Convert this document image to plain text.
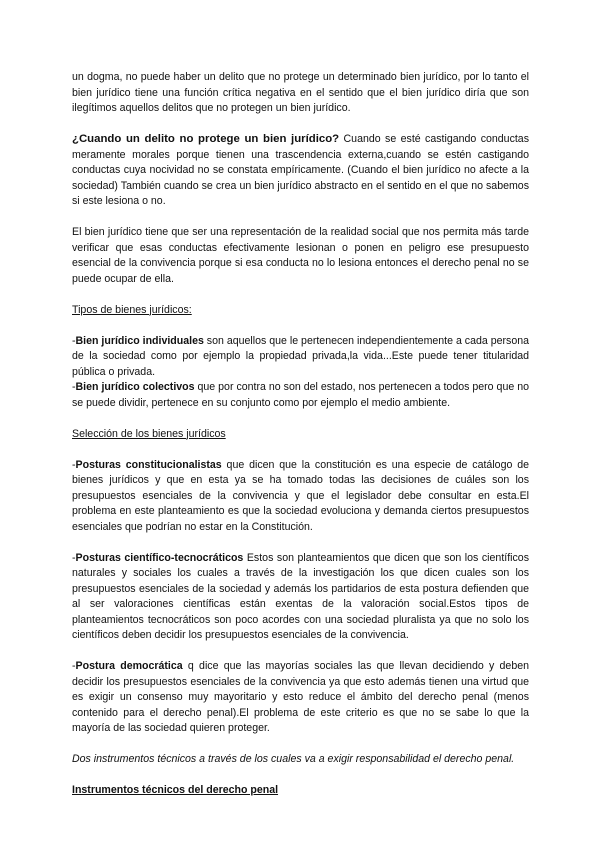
un dogma, no puede haber un delito que no protege un determinado bien jurídico, por lo tanto el bien jurídico tiene una función crítica negativa en el sentido que el bien jurídico diría que son ilegítimos aquellos delitos que no protegen un bien jurídico.

¿Cuando un delito no protege un bien jurídico? Cuando se esté castigando conductas meramente morales porque tienen una trascendencia externa,cuando se estén castigando conductas cuya nocividad no se constata empíricamente. (Cuando el bien jurídico no afecte a la sociedad) También cuando se crea un bien jurídico abstracto en el sentido en el que no sabemos si este lesiona o no.

El bien jurídico tiene que ser una representación de la realidad social que nos permita más tarde verificar que esas conductas efectivamente lesionan o ponen en peligro ese presupuesto esencial de la convivencia porque si esa conducta no lo lesiona entonces el derecho penal no se puede ocupar de ella.

Tipos de bienes jurídicos:

-Bien jurídico individuales son aquellos que le pertenecen independientemente a cada persona de la sociedad como por ejemplo la propiedad privada,la vida...Este puede tener titularidad pública o privada.

-Bien jurídico colectivos que por contra no son del estado, nos pertenecen a todos pero que no se puede dividir, pertenece en su conjunto como por ejemplo el medio ambiente.

Selección de los bienes jurídicos

-Posturas constitucionalistas que dicen que la constitución es una especie de catálogo de bienes jurídicos y que en esta ya se ha tomado todas las decisiones de cuáles son los presupuestos esenciales de la convivencia y que el legislador debe consultar en esta.El problema en este planteamiento es que la sociedad evoluciona y demanda ciertos presupuestos esenciales que podrían no estar en la Constitución.

-Posturas científico-tecnocráticos Estos son planteamientos que dicen que son los científicos naturales y sociales los cuales a través de la investigación los que dicen cuales son los presupuestos esenciales de la sociedad y además los partidarios de esta postura defienden que al ser valoraciones científicas están exentas de la valoración social.Estos tipos de planteamientos tecnocráticos son poco acordes con una sociedad pluralista ya que no solo los científicos deben decidir los presupuestos esenciales de la convivencia.

-Postura democrática q dice que las mayorías sociales las que llevan decidiendo y deben decidir los presupuestos esenciales de la convivencia ya que esto además tienen una virtud que es exigir un consenso muy mayoritario y esto reduce el ámbito del derecho penal (menos contenido para el derecho penal).El problema de este criterio es que no se sabe lo que la mayoría de las sociedad quieren proteger.

Dos instrumentos técnicos a través de los cuales va a exigir responsabilidad el derecho penal.

Instrumentos técnicos del derecho penal
